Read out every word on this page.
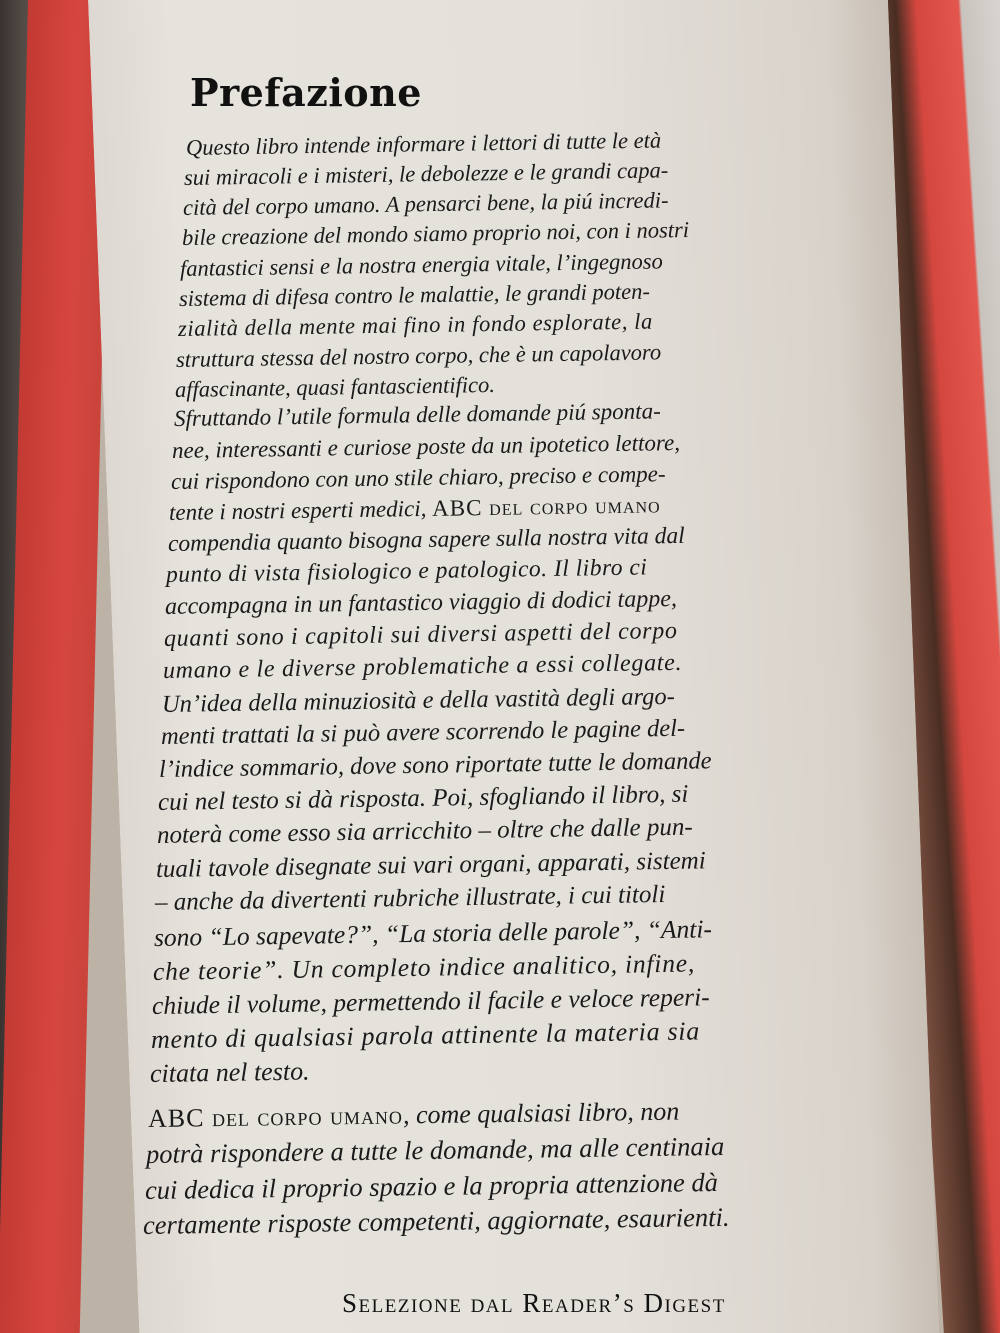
Prefazione
Questo libro intende informare i lettori di tutte le età
sui miracoli e i misteri, le debolezze e le grandi capa-
cità del corpo umano. A pensarci bene, la piú incredi-
bile creazione del mondo siamo proprio noi, con i nostri
fantastici sensi e la nostra energia vitale, l’ingegnoso
sistema di difesa contro le malattie, le grandi poten-
zialità della mente mai fino in fondo esplorate, la
struttura stessa del nostro corpo, che è un capolavoro
affascinante, quasi fantascientifico.
Sfruttando l’utile formula delle domande piú sponta-
nee, interessanti e curiose poste da un ipotetico lettore,
cui rispondono con uno stile chiaro, preciso e compe-
tente i nostri esperti medici, ABC del corpo umano
compendia quanto bisogna sapere sulla nostra vita dal
punto di vista fisiologico e patologico. Il libro ci
accompagna in un fantastico viaggio di dodici tappe,
quanti sono i capitoli sui diversi aspetti del corpo
umano e le diverse problematiche a essi collegate.
Un’idea della minuziosità e della vastità degli argo-
menti trattati la si può avere scorrendo le pagine del-
l’indice sommario, dove sono riportate tutte le domande
cui nel testo si dà risposta. Poi, sfogliando il libro, si
noterà come esso sia arricchito – oltre che dalle pun-
tuali tavole disegnate sui vari organi, apparati, sistemi
– anche da divertenti rubriche illustrate, i cui titoli
sono “Lo sapevate?”, “La storia delle parole”, “Anti-
che teorie”. Un completo indice analitico, infine,
chiude il volume, permettendo il facile e veloce reperi-
mento di qualsiasi parola attinente la materia sia
citata nel testo.
ABC del corpo umano, come qualsiasi libro, non
potrà rispondere a tutte le domande, ma alle centinaia
cui dedica il proprio spazio e la propria attenzione dà
certamente risposte competenti, aggiornate, esaurienti.
Selezione dal Reader’s Digest
